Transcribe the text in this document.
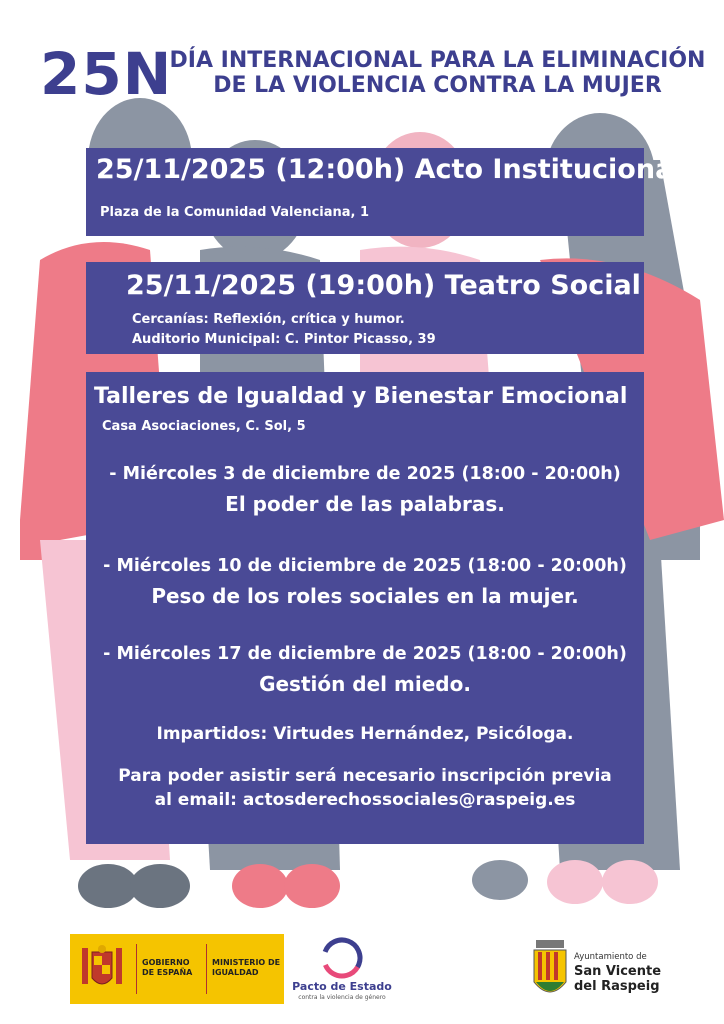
25N
DÍA INTERNACIONAL PARA LA ELIMINACIÓN
DE LA VIOLENCIA CONTRA LA MUJER
25/11/2025 (12:00h) Acto Institucional
Plaza de la Comunidad Valenciana, 1
25/11/2025 (19:00h) Teatro Social
Cercanías: Reflexión, crítica y humor.
Auditorio Municipal: C. Pintor Picasso, 39
Talleres de Igualdad y Bienestar Emocional
Casa Asociaciones, C. Sol, 5
- Miércoles 3 de diciembre de 2025 (18:00 - 20:00h)
El poder de las palabras.
- Miércoles 10 de diciembre de 2025 (18:00 - 20:00h)
Peso de los roles sociales en la mujer.
- Miércoles 17 de diciembre de 2025 (18:00 - 20:00h)
Gestión del miedo.
Impartidos: Virtudes Hernández, Psicóloga.
Para poder asistir será necesario inscripción previa
al email: actosderechossociales@raspeig.es
GOBIERNO DE ESPAÑA
MINISTERIO DE IGUALDAD
Pacto de Estado
contra la violencia de género
Ayuntamiento de
San Vicente
del Raspeig
